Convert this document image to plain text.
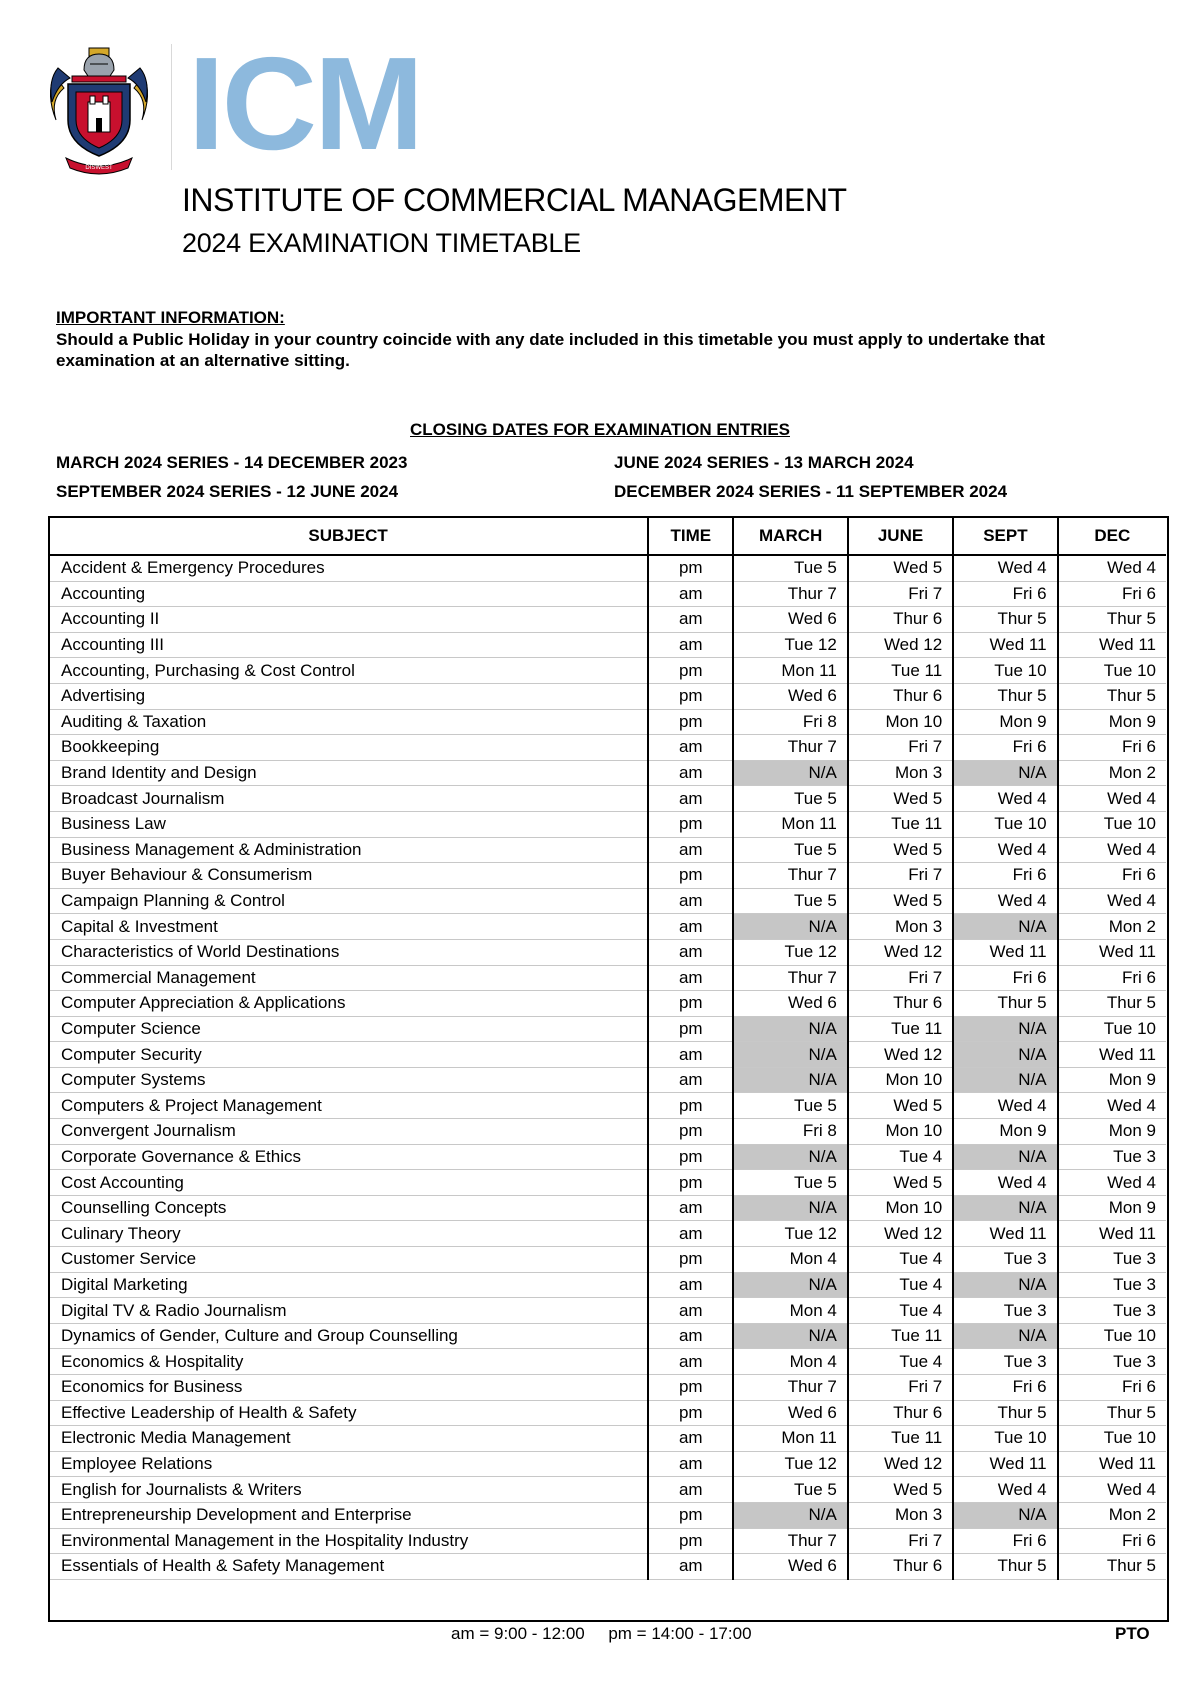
DISWEST ICM
INSTITUTE OF COMMERCIAL MANAGEMENT
2024 EXAMINATION TIMETABLE
IMPORTANT INFORMATION:
Should a Public Holiday in your country coincide with any date included in this timetable you must apply to undertake that examination at an alternative sitting.
CLOSING DATES FOR EXAMINATION ENTRIES
MARCH 2024 SERIES - 14 DECEMBER 2023	JUNE 2024 SERIES - 13 MARCH 2024
SEPTEMBER 2024 SERIES - 12 JUNE 2024	DECEMBER 2024 SERIES - 11 SEPTEMBER 2024
SUBJECT	TIME	MARCH	JUNE	SEPT	DEC
Accident & Emergency Procedures	pm	Tue 5	Wed 5	Wed 4	Wed 4
Accounting	am	Thur 7	Fri 7	Fri 6	Fri 6
Accounting II	am	Wed 6	Thur 6	Thur 5	Thur 5
Accounting III	am	Tue 12	Wed 12	Wed 11	Wed 11
Accounting, Purchasing & Cost Control	pm	Mon 11	Tue 11	Tue 10	Tue 10
Advertising	pm	Wed 6	Thur 6	Thur 5	Thur 5
Auditing & Taxation	pm	Fri 8	Mon 10	Mon 9	Mon 9
Bookkeeping	am	Thur 7	Fri 7	Fri 6	Fri 6
Brand Identity and Design	am	N/A	Mon 3	N/A	Mon 2
Broadcast Journalism	am	Tue 5	Wed 5	Wed 4	Wed 4
Business Law	pm	Mon 11	Tue 11	Tue 10	Tue 10
Business Management & Administration	am	Tue 5	Wed 5	Wed 4	Wed 4
Buyer Behaviour & Consumerism	pm	Thur 7	Fri 7	Fri 6	Fri 6
Campaign Planning & Control	am	Tue 5	Wed 5	Wed 4	Wed 4
Capital & Investment	am	N/A	Mon 3	N/A	Mon 2
Characteristics of World Destinations	am	Tue 12	Wed 12	Wed 11	Wed 11
Commercial Management	am	Thur 7	Fri 7	Fri 6	Fri 6
Computer Appreciation & Applications	pm	Wed 6	Thur 6	Thur 5	Thur 5
Computer Science	pm	N/A	Tue 11	N/A	Tue 10
Computer Security	am	N/A	Wed 12	N/A	Wed 11
Computer Systems	am	N/A	Mon 10	N/A	Mon 9
Computers & Project Management	pm	Tue 5	Wed 5	Wed 4	Wed 4
Convergent Journalism	pm	Fri 8	Mon 10	Mon 9	Mon 9
Corporate Governance & Ethics	pm	N/A	Tue 4	N/A	Tue 3
Cost Accounting	pm	Tue 5	Wed 5	Wed 4	Wed 4
Counselling Concepts	am	N/A	Mon 10	N/A	Mon 9
Culinary Theory	am	Tue 12	Wed 12	Wed 11	Wed 11
Customer Service	pm	Mon 4	Tue 4	Tue 3	Tue 3
Digital Marketing	am	N/A	Tue 4	N/A	Tue 3
Digital TV & Radio Journalism	am	Mon 4	Tue 4	Tue 3	Tue 3
Dynamics of Gender, Culture and Group Counselling	am	N/A	Tue 11	N/A	Tue 10
Economics & Hospitality	am	Mon 4	Tue 4	Tue 3	Tue 3
Economics for Business	pm	Thur 7	Fri 7	Fri 6	Fri 6
Effective Leadership of Health & Safety	pm	Wed 6	Thur 6	Thur 5	Thur 5
Electronic Media Management	am	Mon 11	Tue 11	Tue 10	Tue 10
Employee Relations	am	Tue 12	Wed 12	Wed 11	Wed 11
English for Journalists & Writers	am	Tue 5	Wed 5	Wed 4	Wed 4
Entrepreneurship Development and Enterprise	pm	N/A	Mon 3	N/A	Mon 2
Environmental Management in the Hospitality Industry	pm	Thur 7	Fri 7	Fri 6	Fri 6
Essentials of Health & Safety Management	am	Wed 6	Thur 6	Thur 5	Thur 5
am = 9:00 - 12:00     pm = 14:00 - 17:00	PTO
